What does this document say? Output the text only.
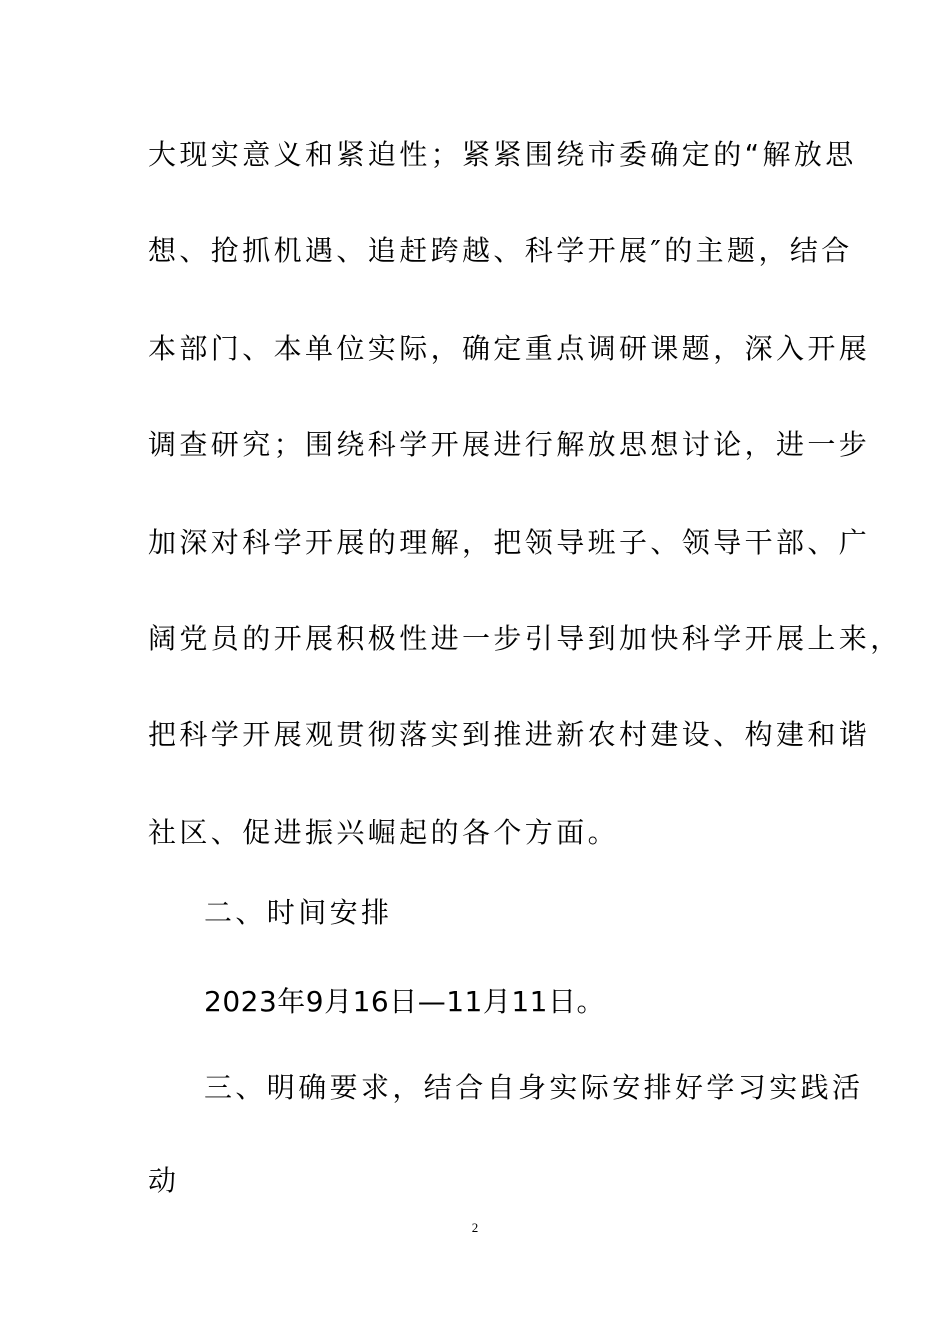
大现实意义和紧迫性；紧紧围绕市委确定的“解放思
想、抢抓机遇、追赶跨越、科学开展″的主题，结合
本部门、本单位实际，确定重点调研课题，深入开展
调查研究；围绕科学开展进行解放思想讨论，进一步
加深对科学开展的理解，把领导班子、领导干部、广
阔党员的开展积极性进一步引导到加快科学开展上来，
把科学开展观贯彻落实到推进新农村建设、构建和谐
社区、促进振兴崛起的各个方面。
二、时间安排
2023年9月16日—11月11日。
三、明确要求，结合自身实际安排好学习实践活
动
2
